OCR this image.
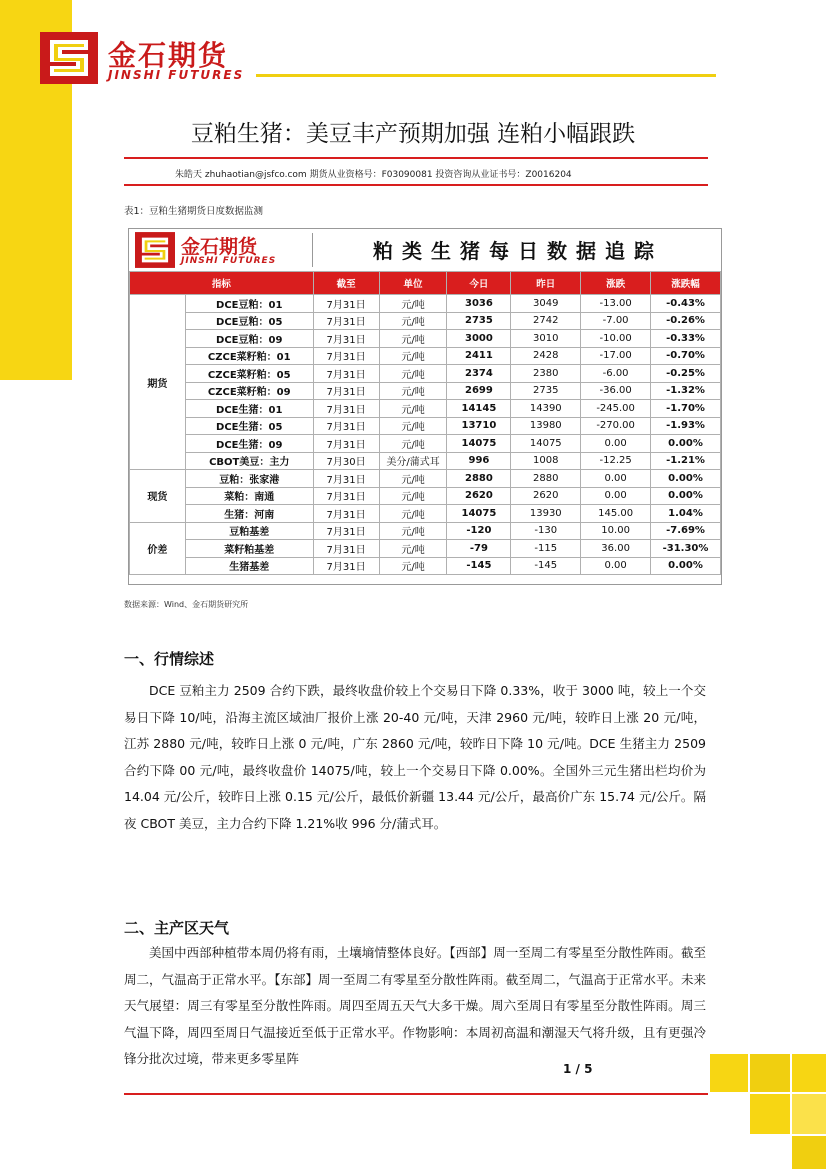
金石期货
JINSHI FUTURES
豆粕生猪：美豆丰产预期加强 连粕小幅跟跌
朱皓天 zhuhaotian@jsfco.com 期货从业资格号：F03090081 投资咨询从业证书号：Z0016204
表1：豆粕生猪期货日度数据监测
金石期货
JINSHI FUTURES	粕类生猪每日数据追踪
指标		截至	单位	今日	昨日	涨跌	涨跌幅
期货	DCE豆粕：01	7月31日	元/吨	3036	3049	-13.00	-0.43%
	DCE豆粕：05	7月31日	元/吨	2735	2742	-7.00	-0.26%
	DCE豆粕：09	7月31日	元/吨	3000	3010	-10.00	-0.33%
	CZCE菜籽粕：01	7月31日	元/吨	2411	2428	-17.00	-0.70%
	CZCE菜籽粕：05	7月31日	元/吨	2374	2380	-6.00	-0.25%
	CZCE菜籽粕：09	7月31日	元/吨	2699	2735	-36.00	-1.32%
	DCE生猪：01	7月31日	元/吨	14145	14390	-245.00	-1.70%
	DCE生猪：05	7月31日	元/吨	13710	13980	-270.00	-1.93%
	DCE生猪：09	7月31日	元/吨	14075	14075	0.00	0.00%
	CBOT美豆：主力	7月30日	美分/蒲式耳	996	1008	-12.25	-1.21%
现货	豆粕：张家港	7月31日	元/吨	2880	2880	0.00	0.00%
	菜粕：南通	7月31日	元/吨	2620	2620	0.00	0.00%
	生猪：河南	7月31日	元/吨	14075	13930	145.00	1.04%
价差	豆粕基差	7月31日	元/吨	-120	-130	10.00	-7.69%
	菜籽粕基差	7月31日	元/吨	-79	-115	36.00	-31.30%
	生猪基差	7月31日	元/吨	-145	-145	0.00	0.00%
数据来源：Wind、金石期货研究所
一、行情综述
DCE 豆粕主力 2509 合约下跌，最终收盘价较上个交易日下降 0.33%，收于 3000 吨，较上一个交易日下降 10/吨，沿海主流区域油厂报价上涨 20-40 元/吨，天津 2960 元/吨，较昨日上涨 20 元/吨，江苏 2880 元/吨，较昨日上涨 0 元/吨，广东 2860 元/吨，较昨日下降 10 元/吨。DCE 生猪主力 2509 合约下降 00 元/吨，最终收盘价 14075/吨，较上一个交易日下降 0.00%。全国外三元生猪出栏均价为 14.04 元/公斤，较昨日上涨 0.15 元/公斤，最低价新疆 13.44 元/公斤，最高价广东 15.74 元/公斤。隔夜 CBOT 美豆，主力合约下降 1.21%收 996 分/蒲式耳。
二、主产区天气
美国中西部种植带本周仍将有雨，土壤墒情整体良好。【西部】周一至周二有零星至分散性阵雨。截至周二，气温高于正常水平。【东部】周一至周二有零星至分散性阵雨。截至周二，气温高于正常水平。未来天气展望：周三有零星至分散性阵雨。周四至周五天气大多干燥。周六至周日有零星至分散性阵雨。周三气温下降，周四至周日气温接近至低于正常水平。作物影响：本周初高温和潮湿天气将升级，且有更强冷锋分批次过境，带来更多零星阵
1 / 5
